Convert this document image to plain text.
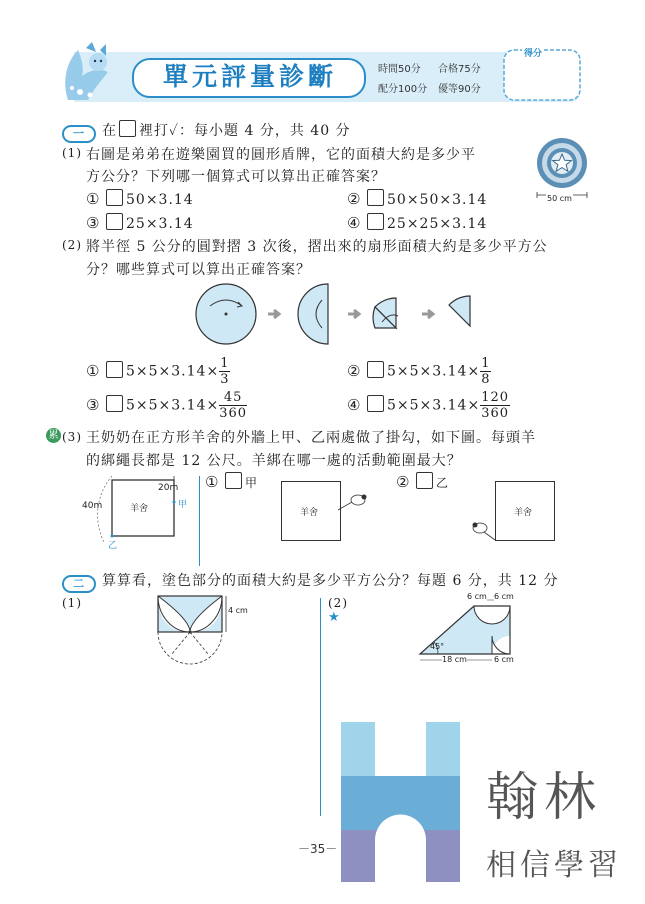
單元評量診斷	時間50分 合格75分
配分100分 優等90分
得分
一 在 裡打✓：每小題 4 分，共 40 分
(1) 右圖是弟弟在遊樂園買的圓形盾牌，它的面積大約是多少平
方公分？下列哪一個算式可以算出正確答案？
50 cm
① 50×3.14	② 50×50×3.14
③ 25×3.14	④ 25×25×3.14
(2) 將半徑 5 公分的圓對摺 3 次後，摺出來的扇形面積大約是多少平方公
分？哪些算式可以算出正確答案？
① $5\times 5\times 3.14\times \frac{1}{3}$	② $5\times 5\times 3.14\times \frac{1}{8}$
③ $5\times 5\times 3.14\times \frac{45}{360}$	④ $5\times 5\times 3.14\times \frac{120}{360}$
累 (3) 王奶奶在正方形羊舍的外牆上甲、乙兩處做了掛勾，如下圖。每頭羊
的綁繩長都是 12 公尺。羊綁在哪一處的活動範圍最大？
20m
40m	羊舍	甲
乙
① 甲
羊舍
② 乙
羊舍
二 算算看，塗色部分的面積大約是多少平方公分？每題 6 分，共 12 分
(1)
4 cm
(2)
★
6 cm 6 cm
45°
18 cm	6 cm
－35－
翰林
相信學習
